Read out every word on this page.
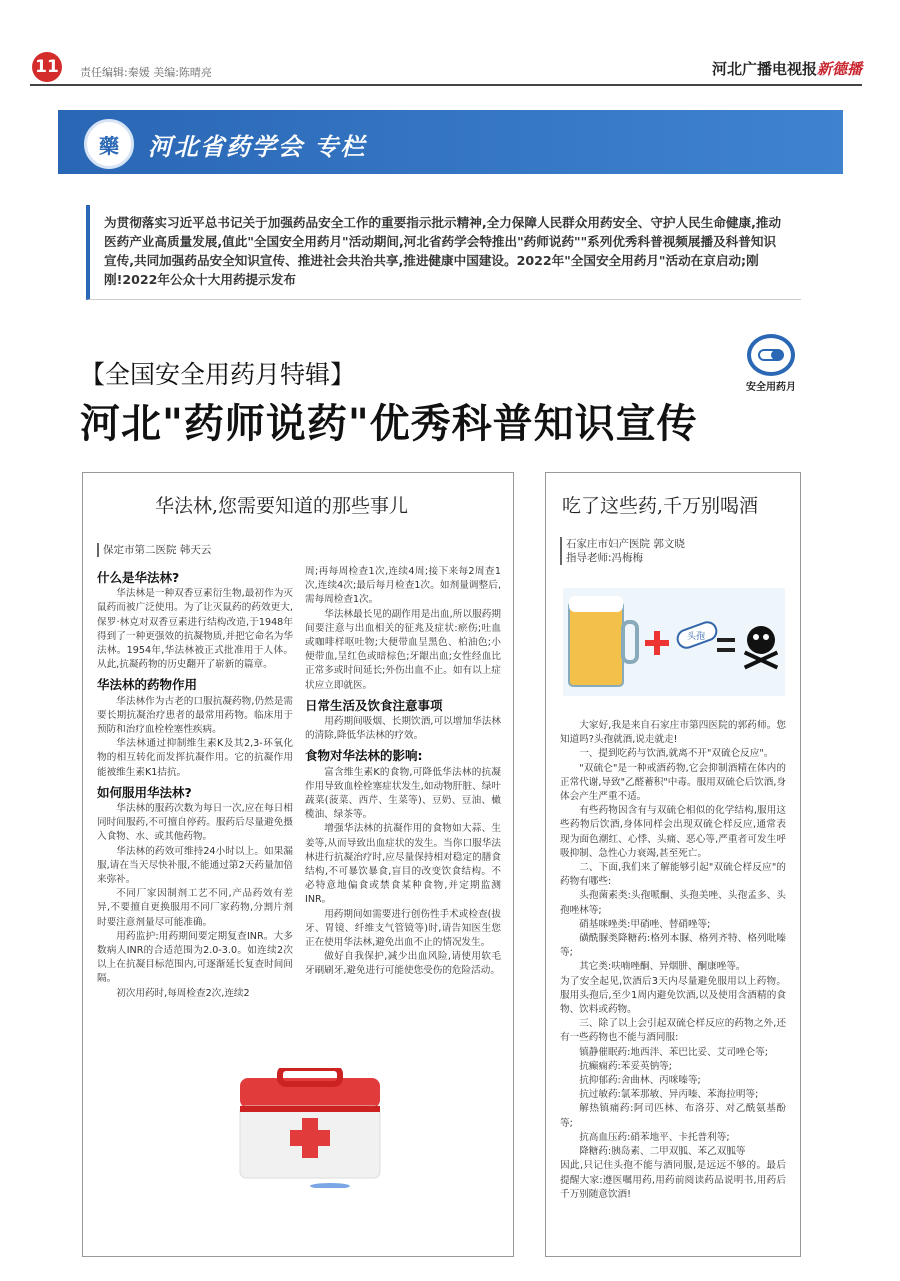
11 责任编辑:秦媛 美编:陈晴亮	河北广播电视报新德播
藥	河北省药学会 专栏
为贯彻落实习近平总书记关于加强药品安全工作的重要指示批示精神,全力保障人民群众用药安全、守护人民生命健康,推动医药产业高质量发展,值此"全国安全用药月"活动期间,河北省药学会特推出"药师说药""系列优秀科普视频展播及科普知识宣传,共同加强药品安全知识宣传、推进社会共治共享,推进健康中国建设。2022年"全国安全用药月"活动在京启动;刚刚!2022年公众十大用药提示发布
安全用药月
【全国安全用药月特辑】
河北"药师说药"优秀科普知识宣传
华法林,您需要知道的那些事儿
保定市第二医院 韩天云
什么是华法林?

华法林是一种双香豆素衍生物,最初作为灭鼠药而被广泛使用。为了让灭鼠药的药效更大,保罗·林克对双香豆素进行结构改造,于1948年得到了一种更强效的抗凝物质,并把它命名为华法林。1954年,华法林被正式批准用于人体。从此,抗凝药物的历史翻开了崭新的篇章。

华法林的药物作用

华法林作为古老的口服抗凝药物,仍然是需要长期抗凝治疗患者的最常用药物。临床用于预防和治疗血栓栓塞性疾病。

华法林通过抑制维生素K及其2,3-环氧化物的相互转化而发挥抗凝作用。它的抗凝作用能被维生素K1拮抗。

如何服用华法林?

华法林的服药次数为每日一次,应在每日相同时间服药,不可擅自停药。服药后尽量避免摄入食物、水、或其他药物。

华法林的药效可维持24小时以上。如果漏服,请在当天尽快补服,不能通过第2天药量加倍来弥补。

不同厂家因制剂工艺不同,产品药效有差异,不要擅自更换服用不同厂家药物,分割片剂时要注意剂量尽可能准确。

用药监护:用药期间要定期复查INR。大多数病人INR的合适范围为2.0-3.0。如连续2次以上在抗凝目标范围内,可逐渐延长复查时间间隔。

初次用药时,每周检查2次,连续2

周;再每周检查1次,连续4周;接下来每2周查1次,连续4次;最后每月检查1次。如剂量调整后,需每周检查1次。

华法林最长见的副作用是出血,所以服药期间要注意与出血相关的征兆及症状:瘀伤;吐血或咖啡样呕吐物;大便带血呈黑色、柏油色;小便带血,呈红色或暗棕色;牙龈出血;女性经血比正常多或时间延长;外伤出血不止。如有以上症状应立即就医。

日常生活及饮食注意事项

用药期间吸烟、长期饮酒,可以增加华法林的清除,降低华法林的疗效。

食物对华法林的影响:

富含维生素K的食物,可降低华法林的抗凝作用导致血栓栓塞症状发生,如动物肝脏、绿叶蔬菜(菠菜、西芹、生菜等)、豆奶、豆油、橄榄油、绿茶等。

增强华法林的抗凝作用的食物如大蒜、生姜等,从而导致出血症状的发生。当你口服华法林进行抗凝治疗时,应尽量保持相对稳定的膳食结构,不可暴饮暴食,盲目的改变饮食结构。不必特意地偏食或禁食某种食物,并定期监测INR。

用药期间如需要进行创伤性手术或检查(拔牙、胃镜、纤维支气管镜等)时,请告知医生您正在使用华法林,避免出血不止的情况发生。

做好自我保护,减少出血风险,请使用软毛牙刷刷牙,避免进行可能使您受伤的危险活动。

吃了这些药,千万别喝酒
石家庄市妇产医院 郭文晓
指导老师:冯梅梅

大家好,我是来自石家庄市第四医院的郭药师。您知道吗?头孢就酒,说走就走!

一、提到吃药与饮酒,就离不开"双硫仑反应"。

"双硫仑"是一种戒酒药物,它会抑制酒精在体内的正常代谢,导致"乙醛蓄积"中毒。服用双硫仑后饮酒,身体会产生严重不适。

有些药物因含有与双硫仑相似的化学结构,服用这些药物后饮酒,身体同样会出现双硫仑样反应,通常表现为面色潮红、心悸、头痛、恶心等,严重者可发生呼吸抑制、急性心力衰竭,甚至死亡。

二、下面,我们来了解能够引起"双硫仑样反应"的药物有哪些:

头孢菌素类:头孢哌酮、头孢美唑、头孢孟多、头孢唑林等;

硝基咪唑类:甲硝唑、替硝唑等;

磺酰脲类降糖药:格列本脲、格列齐特、格列吡嗪等;

其它类:呋喃唑酮、异烟肼、酮康唑等。

为了安全起见,饮酒后3天内尽量避免服用以上药物。服用头孢后,至少1周内避免饮酒,以及使用含酒精的食物、饮料或药物。

三、除了以上会引起双硫仑样反应的药物之外,还有一些药物也不能与酒同服:

镇静催眠药:地西泮、苯巴比妥、艾司唑仑等;

抗癫痫药:苯妥英钠等;

抗抑郁药:舍曲林、丙咪嗪等;

抗过敏药:氯苯那敏、异丙嗪、苯海拉明等;

解热镇痛药:阿司匹林、布洛芬、对乙酰氨基酚等;

抗高血压药:硝苯地平、卡托普利等;

降糖药:胰岛素、二甲双胍、苯乙双胍等

因此,只记住头孢不能与酒同服,是远远不够的。最后提醒大家:遵医嘱用药,用药前阅读药品说明书,用药后千万别随意饮酒!

头孢
